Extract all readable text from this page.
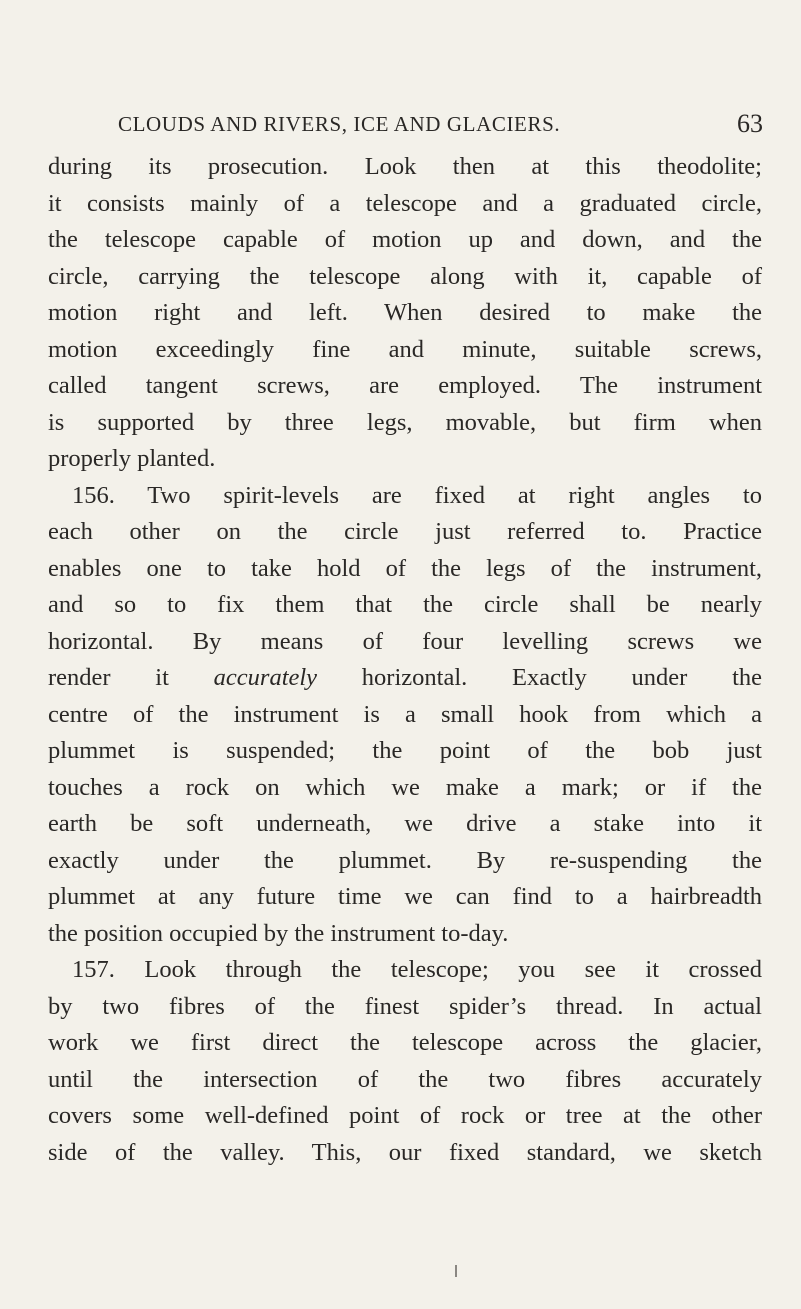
CLOUDS AND RIVERS, ICE AND GLACIERS.	63
during its prosecution. Look then at this theodolite;
it consists mainly of a telescope and a graduated circle,
the telescope capable of motion up and down, and the
circle, carrying the telescope along with it, capable of
motion right and left. When desired to make the
motion exceedingly fine and minute, suitable screws,
called tangent screws, are employed. The instrument
is supported by three legs, movable, but firm when
properly planted.
156. Two spirit-levels are fixed at right angles to
each other on the circle just referred to. Practice
enables one to take hold of the legs of the instrument,
and so to fix them that the circle shall be nearly
horizontal. By means of four levelling screws we
render it accurately horizontal. Exactly under the
centre of the instrument is a small hook from which a
plummet is suspended; the point of the bob just
touches a rock on which we make a mark; or if the
earth be soft underneath, we drive a stake into it
exactly under the plummet. By re-suspending the
plummet at any future time we can find to a hairbreadth
the position occupied by the instrument to-day.
157. Look through the telescope; you see it crossed
by two fibres of the finest spider’s thread. In actual
work we first direct the telescope across the glacier,
until the intersection of the two fibres accurately
covers some well-defined point of rock or tree at the other
side of the valley. This, our fixed standard, we sketch
